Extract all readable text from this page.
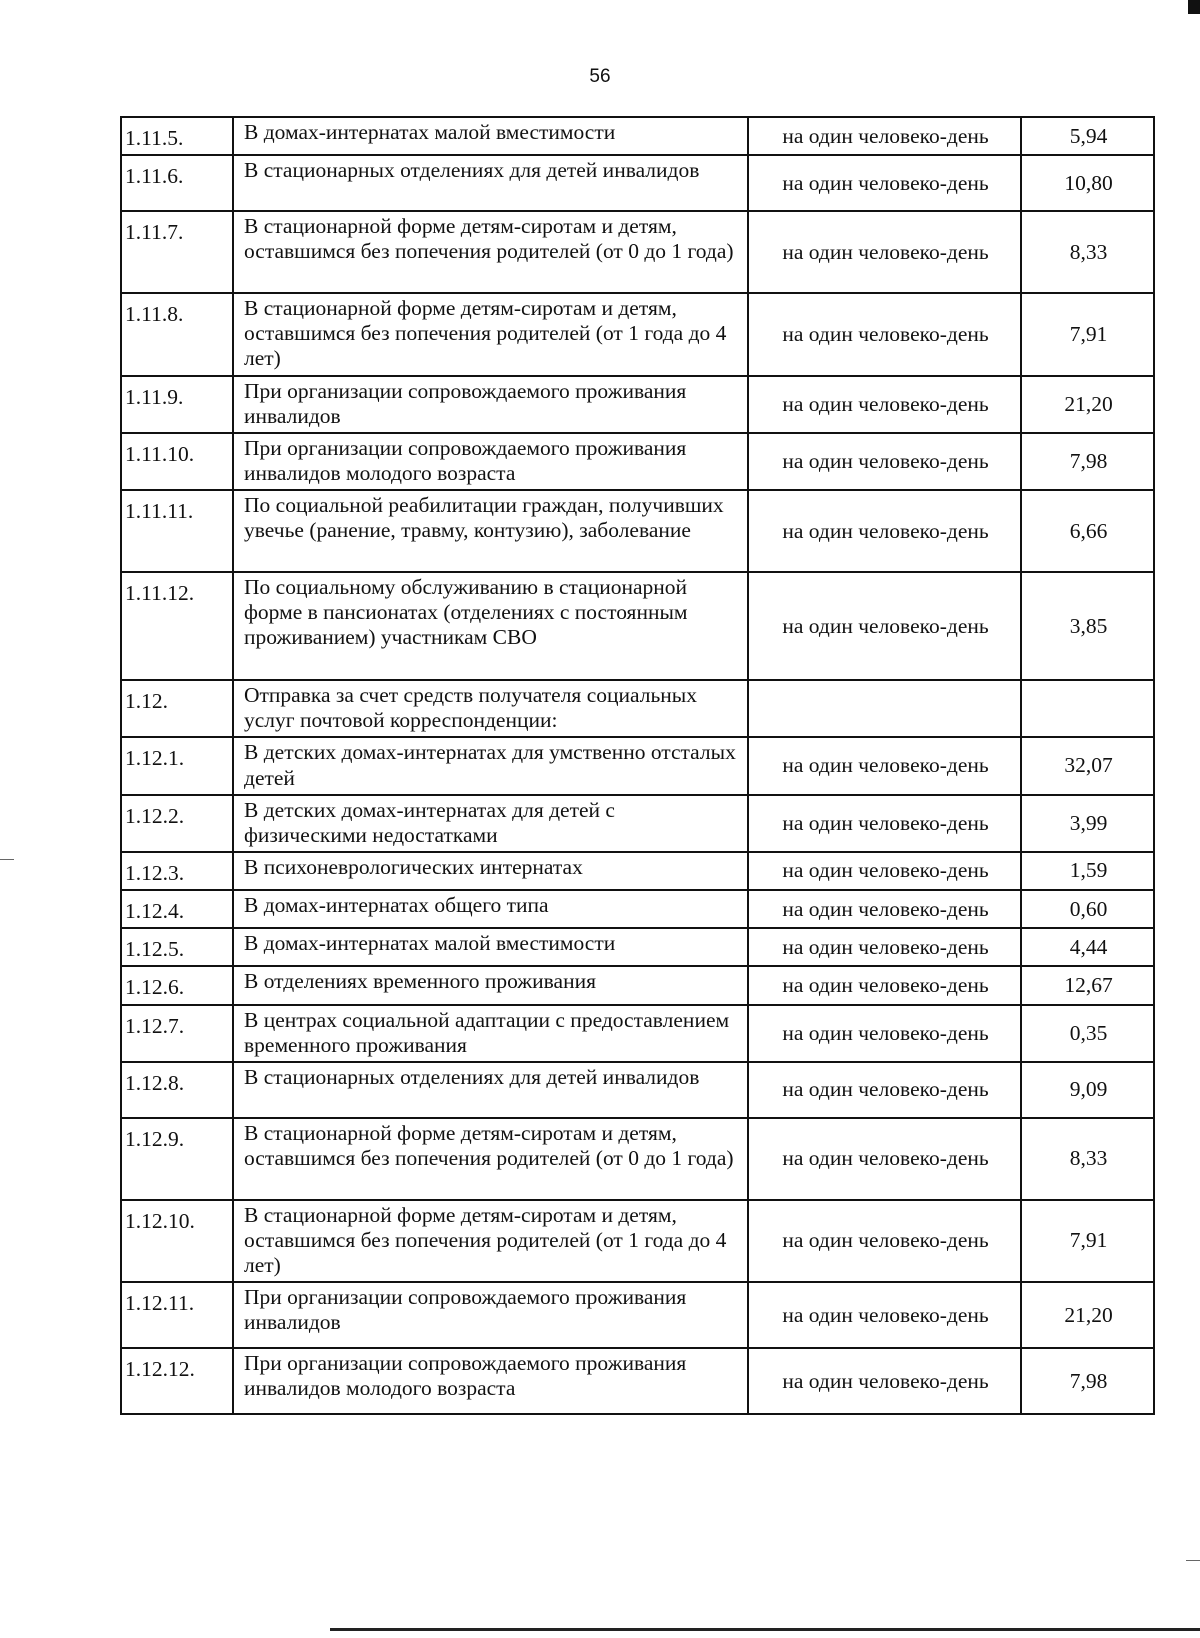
56
1.11.5.	В домах-интернатах малой вместимости	на один человеко-день	5,94
1.11.6.	В стационарных отделениях для детей инвалидов	на один человеко-день	10,80
1.11.7.	В стационарной форме детям-сиротам и детям, оставшимся без попечения родителей (от 0 до 1 года)	на один человеко-день	8,33
1.11.8.	В стационарной форме детям-сиротам и детям, оставшимся без попечения родителей (от 1 года до 4 лет)	на один человеко-день	7,91
1.11.9.	При организации сопровождаемого проживания инвалидов	на один человеко-день	21,20
1.11.10.	При организации сопровождаемого проживания инвалидов молодого возраста	на один человеко-день	7,98
1.11.11.	По социальной реабилитации граждан, получивших увечье (ранение, травму, контузию), заболевание	на один человеко-день	6,66
1.11.12.	По социальному обслуживанию в стационарной форме в пансионатах (отделениях с постоянным проживанием) участникам СВО	на один человеко-день	3,85
1.12.	Отправка за счет средств получателя социальных услуг почтовой корреспонденции:		
1.12.1.	В детских домах-интернатах для умственно отсталых детей	на один человеко-день	32,07
1.12.2.	В детских домах-интернатах для детей с физическими недостатками	на один человеко-день	3,99
1.12.3.	В психоневрологических интернатах	на один человеко-день	1,59
1.12.4.	В домах-интернатах общего типа	на один человеко-день	0,60
1.12.5.	В домах-интернатах малой вместимости	на один человеко-день	4,44
1.12.6.	В отделениях временного проживания	на один человеко-день	12,67
1.12.7.	В центрах социальной адаптации с предоставлением временного проживания	на один человеко-день	0,35
1.12.8.	В стационарных отделениях для детей инвалидов	на один человеко-день	9,09
1.12.9.	В стационарной форме детям-сиротам и детям, оставшимся без попечения родителей (от 0 до 1 года)	на один человеко-день	8,33
1.12.10.	В стационарной форме детям-сиротам и детям, оставшимся без попечения родителей (от 1 года до 4 лет)	на один человеко-день	7,91
1.12.11.	При организации сопровождаемого проживания инвалидов	на один человеко-день	21,20
1.12.12.	При организации сопровождаемого проживания инвалидов молодого возраста	на один человеко-день	7,98
